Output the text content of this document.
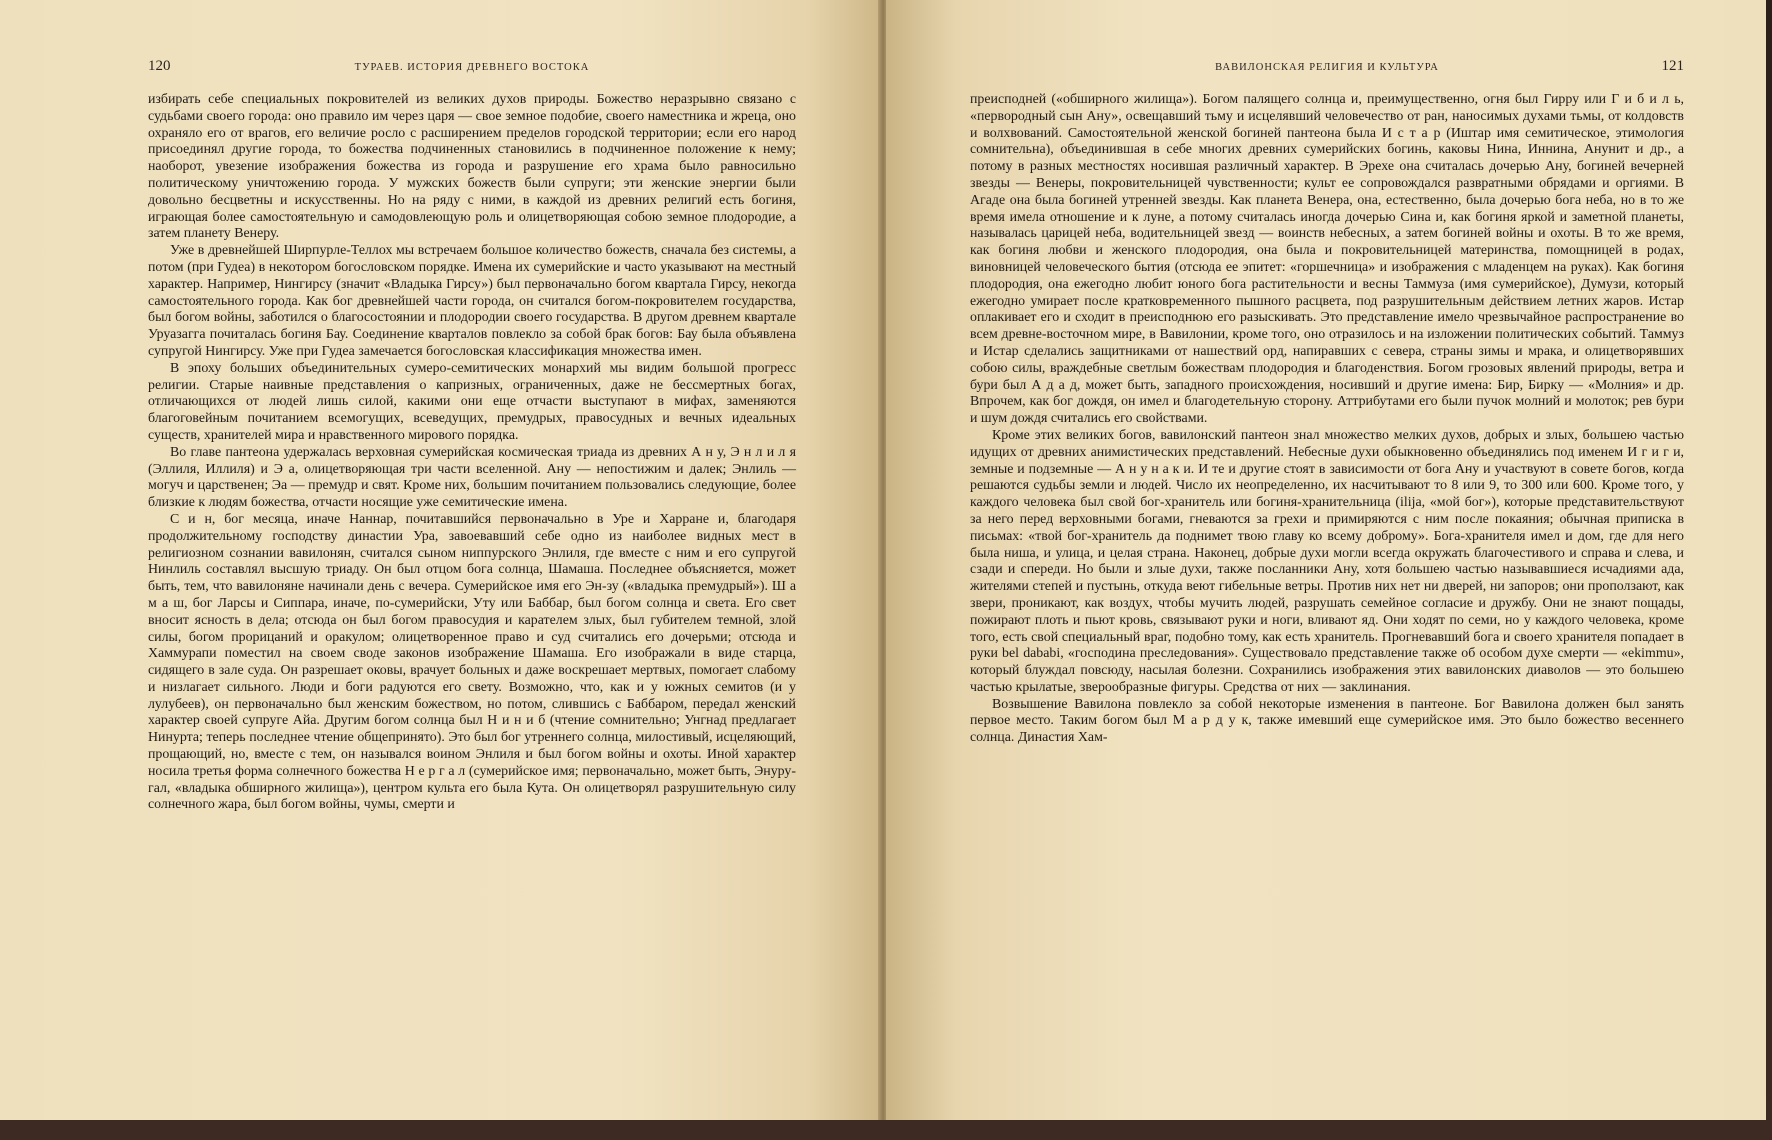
120	ТУРАЕВ. ИСТОРИЯ ДРЕВНЕГО ВОСТОКА

избирать себе специальных покровителей из великих духов природы. Божество неразрывно связано с судьбами своего города: оно правило им через царя — свое земное подобие, своего наместника и жреца, оно охраняло его от врагов, его величие росло с расширением пределов городской территории; если его народ присоединял другие города, то божества подчиненных становились в подчиненное положение к нему; наоборот, увезение изображения божества из города и разрушение его храма было равносильно политическому уничтожению города. У мужских божеств были супруги; эти женские энергии были довольно бесцветны и искусственны. Но на ряду с ними, в каждой из древних религий есть богиня, играющая более самостоятельную и самодовлеющую роль и олицетворяющая собою земное плодородие, а затем планету Венеру.

Уже в древнейшей Ширпурле-Теллох мы встречаем большое количество божеств, сначала без системы, а потом (при Гудеа) в некотором богословском порядке. Имена их сумерийские и часто указывают на местный характер. Например, Нингирсу (значит «Владыка Гирсу») был первоначально богом квартала Гирсу, некогда самостоятельного города. Как бог древнейшей части города, он считался богом-покровителем государства, был богом войны, заботился о благосостоянии и плодородии своего государства. В другом древнем квартале Уруазагга почиталась богиня Бау. Соединение кварталов повлекло за собой брак богов: Бау была объявлена супругой Нингирсу. Уже при Гудеа замечается богословская классификация множества имен.

В эпоху больших объединительных сумеро-семитических монархий мы видим большой прогресс религии. Старые наивные представления о капризных, ограниченных, даже не бессмертных богах, отличающихся от людей лишь силой, какими они еще отчасти выступают в мифах, заменяются благоговейным почитанием всемогущих, всеведущих, премудрых, правосудных и вечных идеальных существ, хранителей мира и нравственного мирового порядка.

Во главе пантеона удержалась верховная сумерийская космическая триада из древних А н у, Э н л и л я (Эллиля, Иллиля) и Э а, олицетворяющая три части вселенной. Ану — непостижим и далек; Энлиль — могуч и царственен; Эа — премудр и свят. Кроме них, большим почитанием пользовались следующие, более близкие к людям божества, отчасти носящие уже семитические имена.

С и н, бог месяца, иначе Наннар, почитавшийся первоначально в Уре и Харране и, благодаря продолжительному господству династии Ура, завоевавший себе одно из наиболее видных мест в религиозном сознании вавилонян, считался сыном ниппурского Энлиля, где вместе с ним и его супругой Нинлиль составлял высшую триаду. Он был отцом бога солнца, Шамаша. Последнее объясняется, может быть, тем, что вавилоняне начинали день с вечера. Сумерийское имя его Эн-зу («владыка премудрый»). Ш а м а ш, бог Ларсы и Сиппара, иначе, по-сумерийски, Уту или Баббар, был богом солнца и света. Его свет вносит ясность в дела; отсюда он был богом правосудия и карателем злых, был губителем темной, злой силы, богом прорицаний и оракулом; олицетворенное право и суд считались его дочерьми; отсюда и Хаммурапи поместил на своем своде законов изображение Шамаша. Его изображали в виде старца, сидящего в зале суда. Он разрешает оковы, врачует больных и даже воскрешает мертвых, помогает слабому и низлагает сильного. Люди и боги радуются его свету. Возможно, что, как и у южных семитов (и у лулубеев), он первоначально был женским божеством, но потом, слившись с Баббаром, передал женский характер своей супруге Айа. Другим богом солнца был Н и н и б (чтение сомнительно; Унгнад предлагает Нинурта; теперь последнее чтение общепринято). Это был бог утреннего солнца, милостивый, исцеляющий, прощающий, но, вместе с тем, он назывался воином Энлиля и был богом войны и охоты. Иной характер носила третья форма солнечного божества Н е р г а л (сумерийское имя; первоначально, может быть, Энуру-гал, «владыка обширного жилища»), центром культа его была Кута. Он олицетворял разрушительную силу солнечного жара, был богом войны, чумы, смерти и

ВАВИЛОНСКАЯ РЕЛИГИЯ И КУЛЬТУРА	121

преисподней («обширного жилища»). Богом палящего солнца и, преимущественно, огня был Гирру или Г и б и л ь, «первородный сын Ану», освещавший тьму и исцелявший человечество от ран, наносимых духами тьмы, от колдовств и волхвований. Самостоятельной женской богиней пантеона была И с т а р (Иштар имя семитическое, этимология сомнительна), объединившая в себе многих древних сумерийских богинь, каковы Нина, Иннина, Анунит и др., а потому в разных местностях носившая различный характер. В Эрехе она считалась дочерью Ану, богиней вечерней звезды — Венеры, покровительницей чувственности; культ ее сопровождался развратными обрядами и оргиями. В Агаде она была богиней утренней звезды. Как планета Венера, она, естественно, была дочерью бога неба, но в то же время имела отношение и к луне, а потому считалась иногда дочерью Сина и, как богиня яркой и заметной планеты, называлась царицей неба, водительницей звезд — воинств небесных, а затем богиней войны и охоты. В то же время, как богиня любви и женского плодородия, она была и покровительницей материнства, помощницей в родах, виновницей человеческого бытия (отсюда ее эпитет: «горшечница» и изображения с младенцем на руках). Как богиня плодородия, она ежегодно любит юного бога растительности и весны Таммуза (имя сумерийское), Думузи, который ежегодно умирает после кратковременного пышного расцвета, под разрушительным действием летних жаров. Истар оплакивает его и сходит в преисподнюю его разыскивать. Это представление имело чрезвычайное распространение во всем древне-восточном мире, в Вавилонии, кроме того, оно отразилось и на изложении политических событий. Таммуз и Истар сделались защитниками от нашествий орд, напиравших с севера, страны зимы и мрака, и олицетворявших собою силы, враждебные светлым божествам плодородия и благоденствия. Богом грозовых явлений природы, ветра и бури был А д а д, может быть, западного происхождения, носивший и другие имена: Бир, Бирку — «Молния» и др. Впрочем, как бог дождя, он имел и благодетельную сторону. Аттрибутами его были пучок молний и молоток; рев бури и шум дождя считались его свойствами.

Кроме этих великих богов, вавилонский пантеон знал множество мелких духов, добрых и злых, большею частью идущих от древних анимистических представлений. Небесные духи обыкновенно объединялись под именем И г и г и, земные и подземные — А н у н а к и. И те и другие стоят в зависимости от бога Ану и участвуют в совете богов, когда решаются судьбы земли и людей. Число их неопределенно, их насчитывают то 8 или 9, то 300 или 600. Кроме того, у каждого человека был свой бог-хранитель или богиня-хранительница (ilija, «мой бог»), которые представительствуют за него перед верховными богами, гневаются за грехи и примиряются с ним после покаяния; обычная приписка в письмах: «твой бог-хранитель да поднимет твою главу ко всему доброму». Бога-хранителя имел и дом, где для него была ниша, и улица, и целая страна. Наконец, добрые духи могли всегда окружать благочестивого и справа и слева, и сзади и спереди. Но были и злые духи, также посланники Ану, хотя большею частью называвшиеся исчадиями ада, жителями степей и пустынь, откуда веют гибельные ветры. Против них нет ни дверей, ни запоров; они проползают, как звери, проникают, как воздух, чтобы мучить людей, разрушать семейное согласие и дружбу. Они не знают пощады, пожирают плоть и пьют кровь, связывают руки и ноги, вливают яд. Они ходят по семи, но у каждого человека, кроме того, есть свой специальный враг, подобно тому, как есть хранитель. Прогневавший бога и своего хранителя попадает в руки bel dababi, «господина преследования». Существовало представление также об особом духе смерти — «ekimmu», который блуждал повсюду, насылая болезни. Сохранились изображения этих вавилонских диаволов — это большею частью крылатые, зверообразные фигуры. Средства от них — заклинания.

Возвышение Вавилона повлекло за собой некоторые изменения в пантеоне. Бог Вавилона должен был занять первое место. Таким богом был М а р д у к, также имевший еще сумерийское имя. Это было божество весеннего солнца. Династия Хам-
